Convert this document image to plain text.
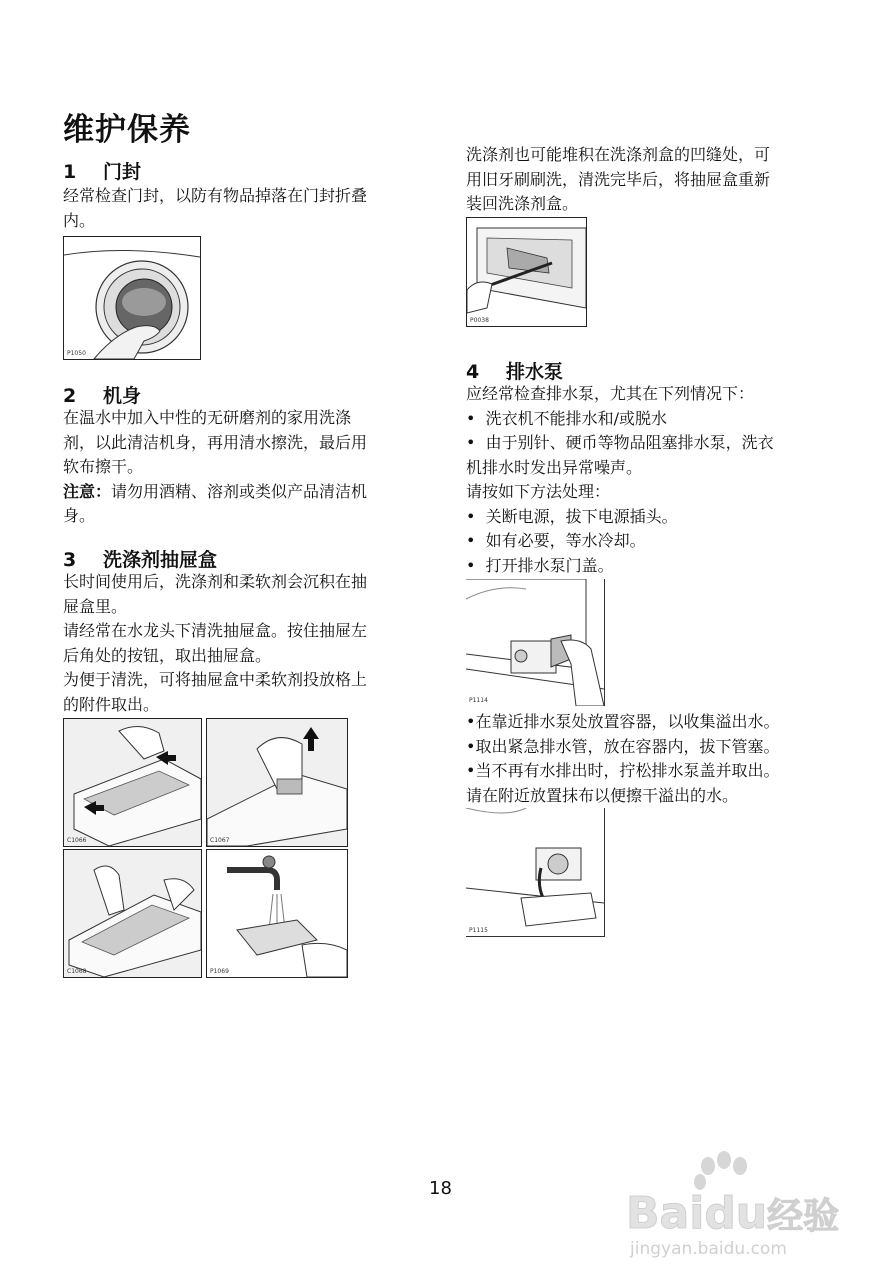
维护保养
1 门封
经常检查门封，以防有物品掉落在门封折叠
内。
P1050
2 机身
在温水中加入中性的无研磨剂的家用洗涤
剂，以此清洁机身，再用清水擦洗，最后用
软布擦干。
注意：请勿用酒精、溶剂或类似产品清洁机
身。
3 洗涤剂抽屉盒
长时间使用后，洗涤剂和柔软剂会沉积在抽
屉盒里。
请经常在水龙头下清洗抽屉盒。按住抽屉左
后角处的按钮，取出抽屉盒。
为便于清洗，可将抽屉盒中柔软剂投放格上
的附件取出。
C1066	C1067
C1068	P1069
洗涤剂也可能堆积在洗涤剂盒的凹缝处，可
用旧牙刷刷洗，清洗完毕后，将抽屉盒重新
装回洗涤剂盒。
P0038
4 排水泵
应经常检查排水泵，尤其在下列情况下：
•  洗衣机不能排水和/或脱水
•  由于别针、硬币等物品阻塞排水泵，洗衣
机排水时发出异常噪声。
请按如下方法处理：
•  关断电源，拔下电源插头。
•  如有必要，等水冷却。
•  打开排水泵门盖。
P1114
•在靠近排水泵处放置容器，以收集溢出水。
•取出紧急排水管，放在容器内，拔下管塞。
•当不再有水排出时，拧松排水泵盖并取出。
请在附近放置抹布以便擦干溢出的水。
P1115
18	Baidu经验
jingyan.baidu.com
